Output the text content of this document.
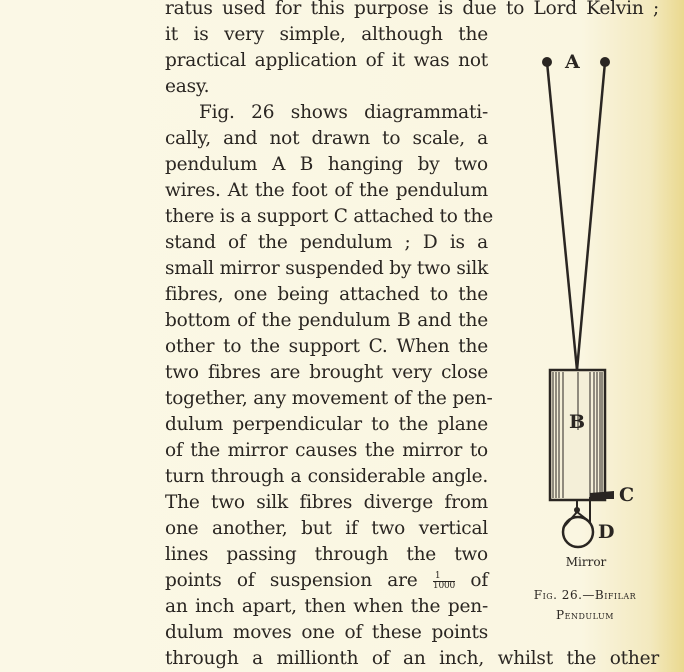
ratus used for this purpose is due to Lord Kelvin ;
it is very simple, although the
practical application of it was not
easy.
Fig. 26 shows diagrammati-
cally, and not drawn to scale, a
pendulum A B hanging by two
wires. At the foot of the pendulum
there is a support C attached to the
stand of the pendulum ; D is a
small mirror suspended by two silk
fibres, one being attached to the
bottom of the pendulum B and the
other to the support C. When the
two fibres are brought very close
together, any movement of the pen-
dulum perpendicular to the plane
of the mirror causes the mirror to
turn through a considerable angle.
The two silk fibres diverge from
one another, but if two vertical
lines passing through the two
points of suspension are $\frac{1}{1000}$ of
an inch apart, then when the pen-
dulum moves one of these points
through a millionth of an inch, whilst the other
A
B
C
D
Mirror
Fig. 26.—Bifilar
Pendulum
